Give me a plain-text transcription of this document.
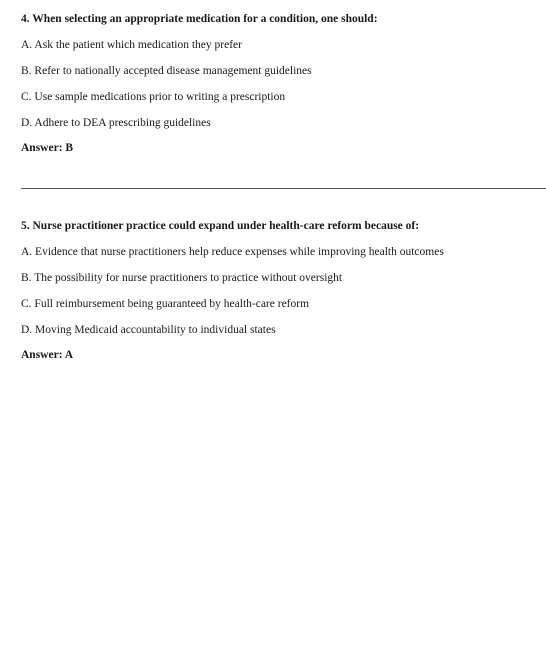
4. When selecting an appropriate medication for a condition, one should:

A. Ask the patient which medication they prefer

B. Refer to nationally accepted disease management guidelines

C. Use sample medications prior to writing a prescription

D. Adhere to DEA prescribing guidelines

Answer: B

5. Nurse practitioner practice could expand under health-care reform because of:

A. Evidence that nurse practitioners help reduce expenses while improving health outcomes

B. The possibility for nurse practitioners to practice without oversight

C. Full reimbursement being guaranteed by health-care reform

D. Moving Medicaid accountability to individual states

Answer: A
